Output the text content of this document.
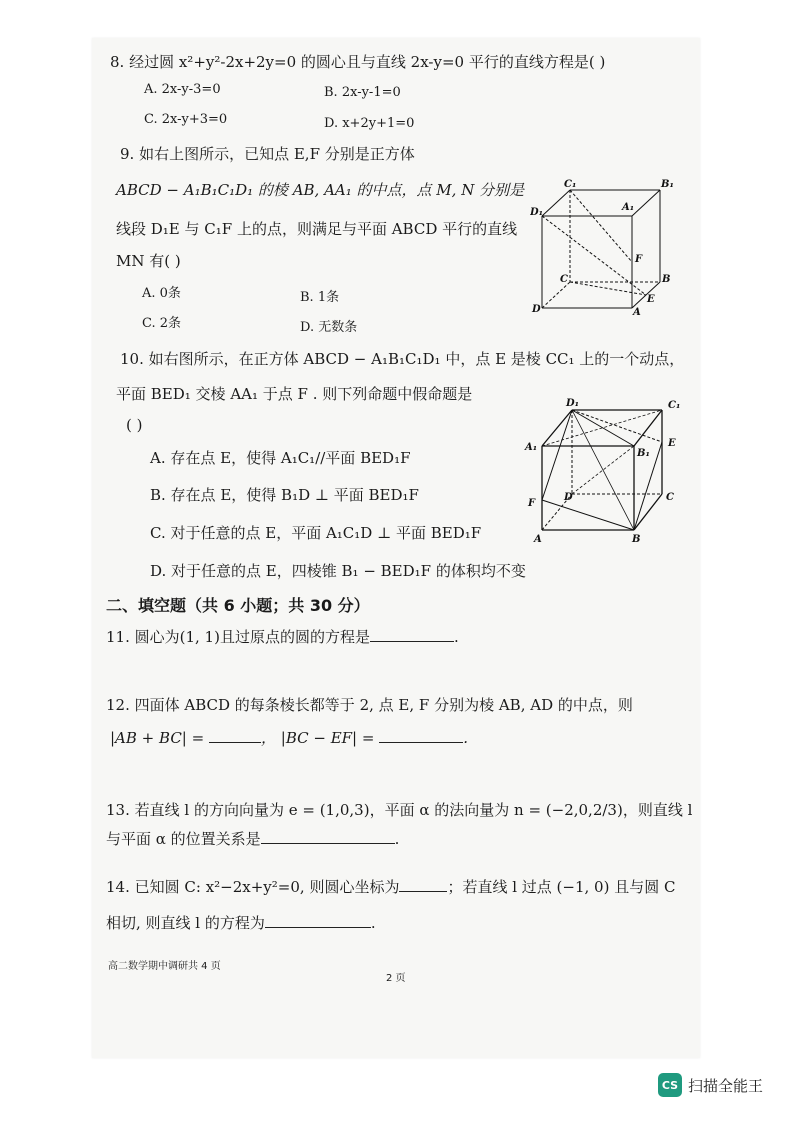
8. 经过圆 x²+y²-2x+2y=0 的圆心且与直线 2x-y=0 平行的直线方程是( )
A. 2x-y-3=0	B. 2x-y-1=0
C. 2x-y+3=0	D. x+2y+1=0
9. 如右上图所示，已知点 E,F 分别是正方体
ABCD − A₁B₁C₁D₁ 的棱 AB, AA₁ 的中点，点 M, N 分别是
线段 D₁E 与 C₁F 上的点，则满足与平面 ABCD 平行的直线
MN 有( )
A. 0条	B. 1条
C. 2条	D. 无数条
C₁	B₁
D₁	A₁
F
C	B
E
D	A
10. 如右图所示，在正方体 ABCD − A₁B₁C₁D₁ 中，点 E 是棱 CC₁ 上的一个动点，
平面 BED₁ 交棱 AA₁ 于点 F . 则下列命题中假命题是
( )
A. 存在点 E，使得 A₁C₁//平面 BED₁F
B. 存在点 E，使得 B₁D ⊥ 平面 BED₁F
C. 对于任意的点 E，平面 A₁C₁D ⊥ 平面 BED₁F
D. 对于任意的点 E，四棱锥 B₁ − BED₁F 的体积均不变
D₁	C₁
A₁
B₁
E
D	C
F
A	B
二、填空题（共 6 小题；共 30 分）
11. 圆心为(1, 1)且过原点的圆的方程是	.
12. 四面体 ABCD 的每条棱长都等于 2, 点 E, F 分别为棱 AB, AD 的中点，则
|AB + BC| =	， |BC − EF| =	.
13. 若直线 l 的方向向量为 e = (1,0,3)，平面 α 的法向量为 n = (−2,0,2/3)，则直线 l
与平面 α 的位置关系是	.
14. 已知圆 C: x²−2x+y²=0, 则圆心坐标为	；若直线 l 过点 (−1, 0) 且与圆 C
相切, 则直线 l 的方程为	.
高二数学期中调研共 4 页
2 页
CS 扫描全能王
